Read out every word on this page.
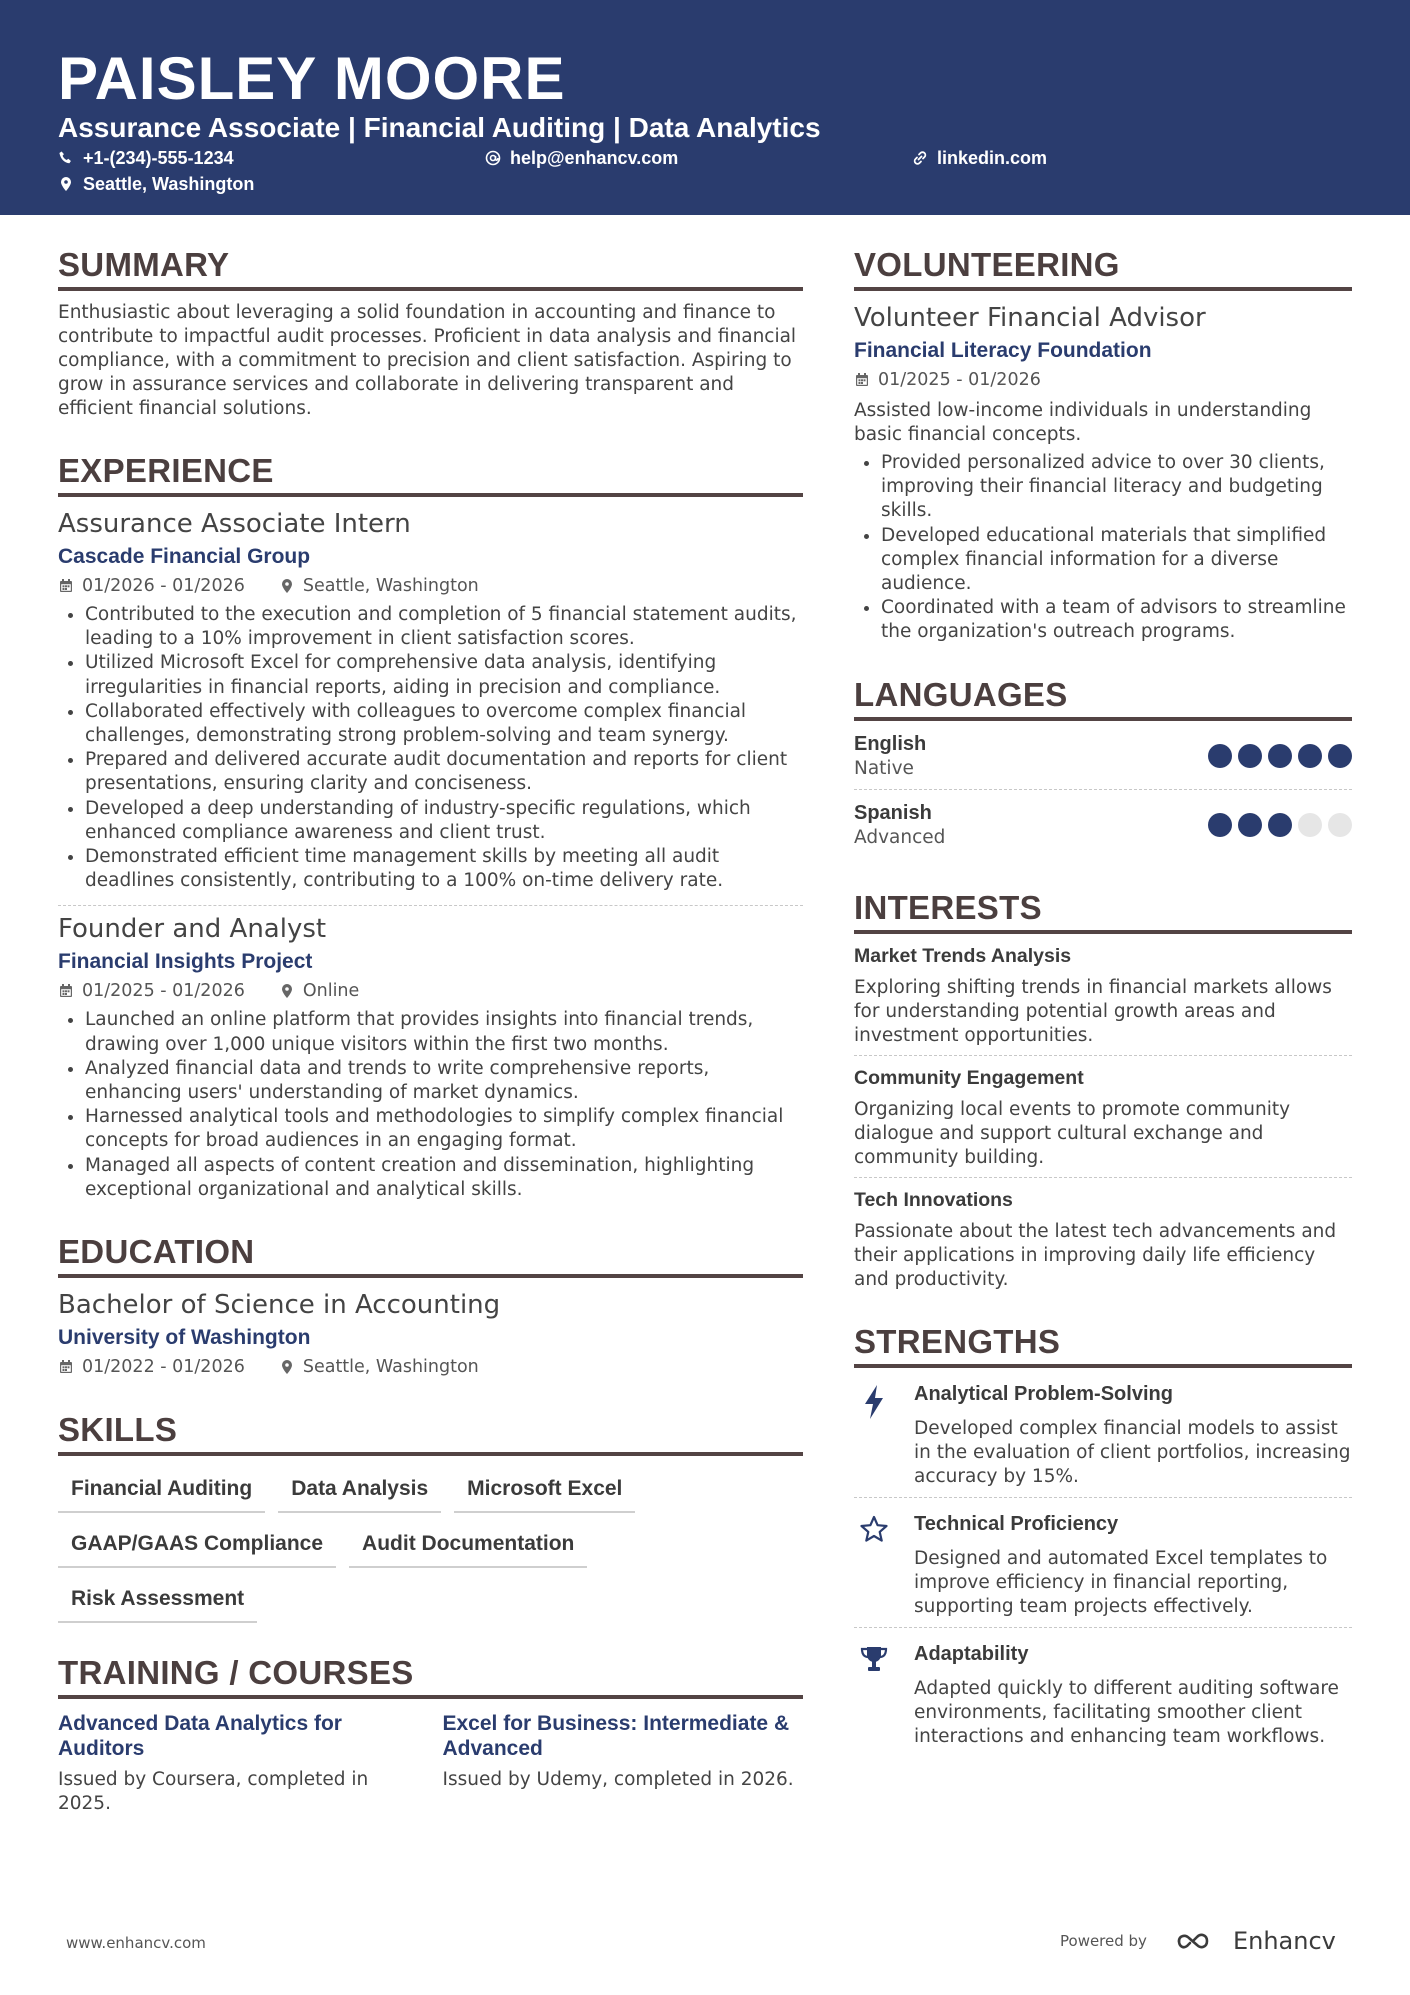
PAISLEY MOORE
Assurance Associate | Financial Auditing | Data Analytics
+1-(234)-555-1234	help@enhancv.com	linkedin.com
Seattle, Washington
SUMMARY

Enthusiastic about leveraging a solid foundation in accounting and finance to contribute to impactful audit processes. Proficient in data analysis and financial compliance, with a commitment to precision and client satisfaction. Aspiring to grow in assurance services and collaborate in delivering transparent and efficient financial solutions.

EXPERIENCE
Assurance Associate Intern
Cascade Financial Group
01/2026 - 01/2026	Seattle, Washington
• Contributed to the execution and completion of 5 financial statement audits, leading to a 10% improvement in client satisfaction scores.
• Utilized Microsoft Excel for comprehensive data analysis, identifying irregularities in financial reports, aiding in precision and compliance.
• Collaborated effectively with colleagues to overcome complex financial challenges, demonstrating strong problem-solving and team synergy.
• Prepared and delivered accurate audit documentation and reports for client presentations, ensuring clarity and conciseness.
• Developed a deep understanding of industry-specific regulations, which enhanced compliance awareness and client trust.
• Demonstrated efficient time management skills by meeting all audit deadlines consistently, contributing to a 100% on-time delivery rate.
Founder and Analyst
Financial Insights Project
01/2025 - 01/2026	Online
• Launched an online platform that provides insights into financial trends, drawing over 1,000 unique visitors within the first two months.
• Analyzed financial data and trends to write comprehensive reports, enhancing users' understanding of market dynamics.
• Harnessed analytical tools and methodologies to simplify complex financial concepts for broad audiences in an engaging format.
• Managed all aspects of content creation and dissemination, highlighting exceptional organizational and analytical skills.
EDUCATION
Bachelor of Science in Accounting
University of Washington
01/2022 - 01/2026	Seattle, Washington
SKILLS
Financial Auditing	Data Analysis	Microsoft Excel
GAAP/GAAS Compliance	Audit Documentation
Risk Assessment
TRAINING / COURSES
Advanced Data Analytics for Auditors
Issued by Coursera, completed in 2025.
Excel for Business: Intermediate & Advanced
Issued by Udemy, completed in 2026.
VOLUNTEERING
Volunteer Financial Advisor
Financial Literacy Foundation
01/2025 - 01/2026

Assisted low-income individuals in understanding basic financial concepts.

• Provided personalized advice to over 30 clients, improving their financial literacy and budgeting skills.
• Developed educational materials that simplified complex financial information for a diverse audience.
• Coordinated with a team of advisors to streamline the organization's outreach programs.
LANGUAGES
English
Native
Spanish
Advanced
INTERESTS
Market Trends Analysis
Exploring shifting trends in financial markets allows for understanding potential growth areas and investment opportunities.
Community Engagement
Organizing local events to promote community dialogue and support cultural exchange and community building.
Tech Innovations
Passionate about the latest tech advancements and their applications in improving daily life efficiency and productivity.
STRENGTHS
Analytical Problem-Solving
Developed complex financial models to assist in the evaluation of client portfolios, increasing accuracy by 15%.
Technical Proficiency
Designed and automated Excel templates to improve efficiency in financial reporting, supporting team projects effectively.
Adaptability
Adapted quickly to different auditing software environments, facilitating smoother client interactions and enhancing team workflows.
www.enhancv.com	Powered by	Enhancv
